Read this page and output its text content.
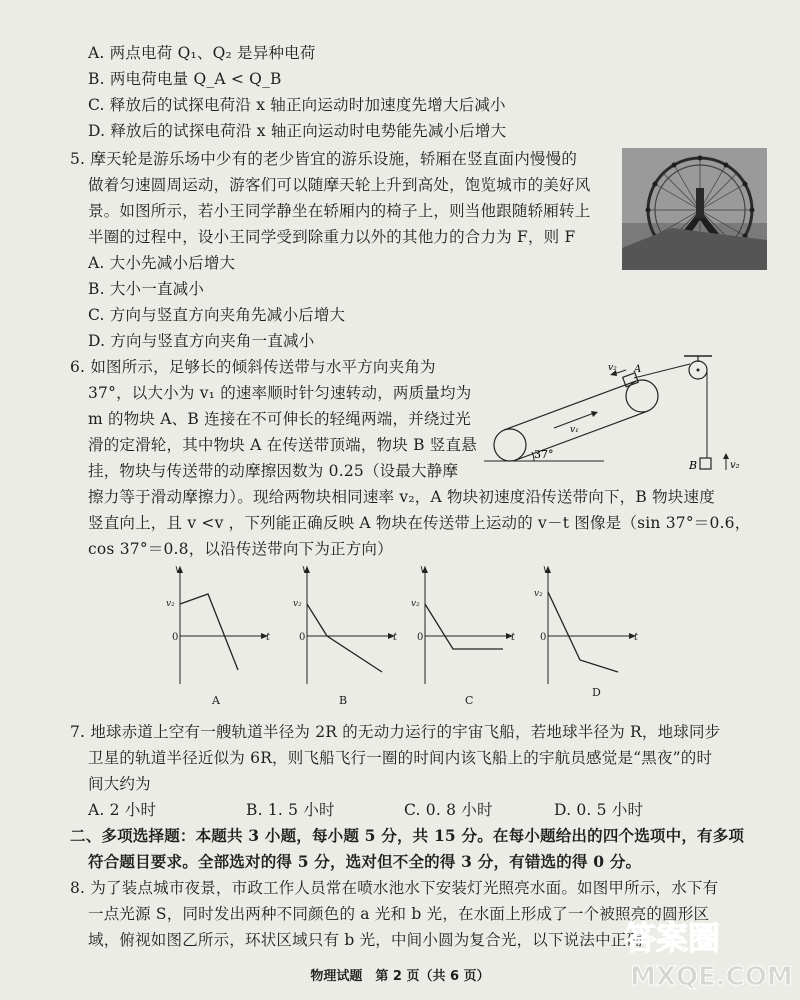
A. 两点电荷 Q₁、Q₂ 是异种电荷
B. 两电荷电量 Q_A < Q_B
C. 释放后的试探电荷沿 x 轴正向运动时加速度先增大后减小
D. 释放后的试探电荷沿 x 轴正向运动时电势能先减小后增大
5. 摩天轮是游乐场中少有的老少皆宜的游乐设施，轿厢在竖直面内慢慢的
做着匀速圆周运动，游客们可以随摩天轮上升到高处，饱览城市的美好风
景。如图所示，若小王同学静坐在轿厢内的椅子上，则当他跟随轿厢转上
半圈的过程中，设小王同学受到除重力以外的其他力的合力为 F，则 F
A. 大小先减小后增大
B. 大小一直减小
C. 方向与竖直方向夹角先减小后增大
D. 方向与竖直方向夹角一直减小
6. 如图所示，足够长的倾斜传送带与水平方向夹角为
37°，以大小为 v₁ 的速率顺时针匀速转动，两质量均为
m 的物块 A、B 连接在不可伸长的轻绳两端，并绕过光
滑的定滑轮，其中物块 A 在传送带顶端，物块 B 竖直悬
挂，物块与传送带的动摩擦因数为 0.25（设最大静摩
擦力等于滑动摩擦力）。现给两物块相同速率 v₂，A 物块初速度沿传送带向下，B 物块速度
竖直向上，且 v <v ，下列能正确反映 A 物块在传送带上运动的 v－t 图像是（sin 37°＝0.6，
cos 37°＝0.8，以沿传送带向下为正方向）
B	v₂
A
v₂
v₁
37°
v
t
0
v₂
A
v
t
0
v₂
B
v
t
0
v₂
C
v
t
0
v₂
D
7. 地球赤道上空有一艘轨道半径为 2R 的无动力运行的宇宙飞船，若地球半径为 R，地球同步
卫星的轨道半径近似为 6R，则飞船飞行一圈的时间内该飞船上的宇航员感觉是“黑夜”的时
间大约为
A. 2 小时	B. 1. 5 小时	C. 0. 8 小时	D. 0. 5 小时
二、多项选择题：本题共 3 小题，每小题 5 分，共 15 分。在每小题给出的四个选项中，有多项
符合题目要求。全部选对的得 5 分，选对但不全的得 3 分，有错选的得 0 分。
8. 为了装点城市夜景，市政工作人员常在喷水池水下安装灯光照亮水面。如图甲所示，水下有
一点光源 S，同时发出两种不同颜色的 a 光和 b 光，在水面上形成了一个被照亮的圆形区
域，俯视如图乙所示，环状区域只有 b 光，中间小圆为复合光，以下说法中正确
答案圈
MXQE.COM
物理试题　第 2 页（共 6 页）
